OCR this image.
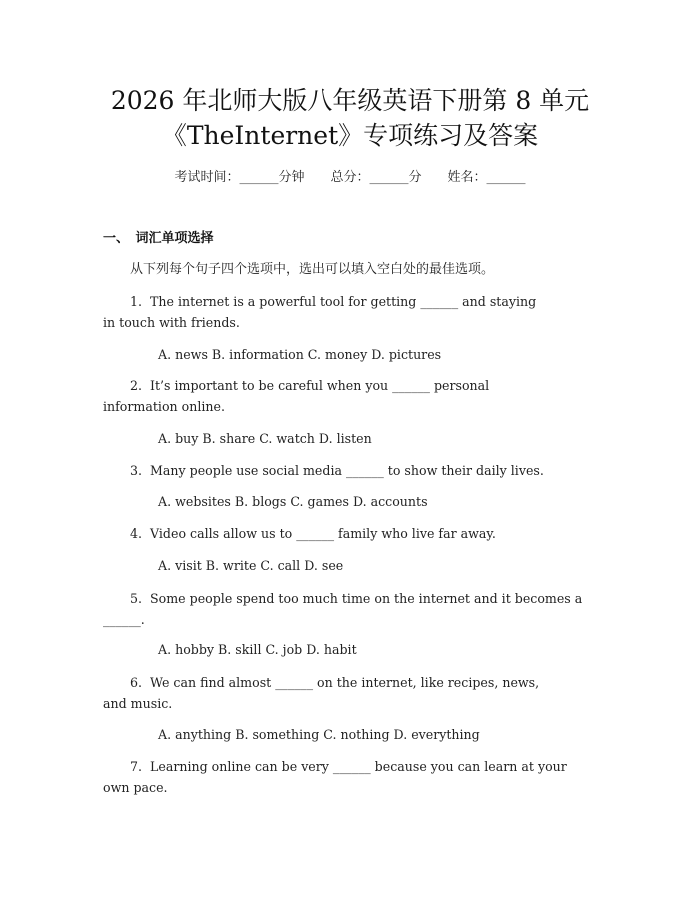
2026 年北师大版八年级英语下册第 8 单元
《TheInternet》专项练习及答案
考试时间：______分钟　　总分：______分　　姓名：______
一、　词汇单项选择
从下列每个句子四个选项中，选出可以填入空白处的最佳选项。
1.  The internet is a powerful tool for getting ______ and staying
in touch with friends.
A. news B. information C. money D. pictures
2.  It’s important to be careful when you ______ personal
information online.
A. buy B. share C. watch D. listen
3.  Many people use social media ______ to show their daily lives.
A. websites B. blogs C. games D. accounts
4.  Video calls allow us to ______ family who live far away.
A. visit B. write C. call D. see
5.  Some people spend too much time on the internet and it becomes a
______.
A. hobby B. skill C. job D. habit
6.  We can find almost ______ on the internet, like recipes, news,
and music.
A. anything B. something C. nothing D. everything
7.  Learning online can be very ______ because you can learn at your
own pace.
